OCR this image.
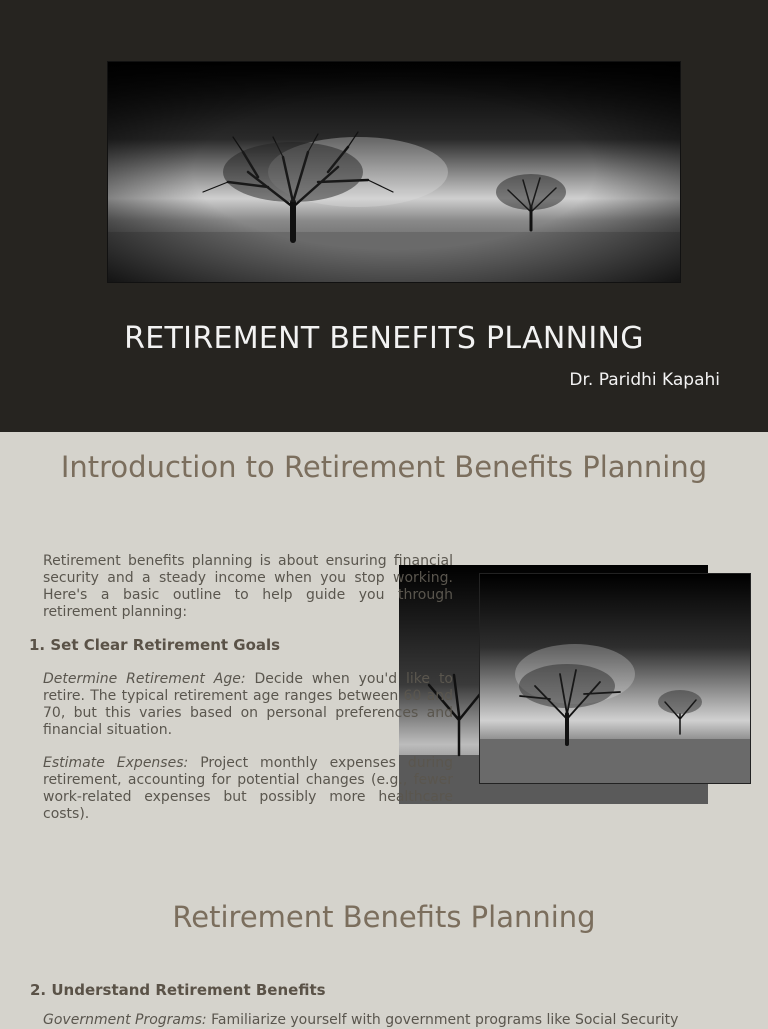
RETIREMENT BENEFITS PLANNING

Dr. Paridhi Kapahi

Introduction to Retirement Benefits Planning

Retirement benefits planning is about ensuring financial security and a steady income when you stop working. Here's a basic outline to help guide you through retirement planning:

1. Set Clear Retirement Goals

Determine Retirement Age: Decide when you'd like to retire. The typical retirement age ranges between 60 and 70, but this varies based on personal preferences and financial situation.

Estimate Expenses: Project monthly expenses during retirement, accounting for potential changes (e.g., fewer work-related expenses but possibly more healthcare costs).

Retirement Benefits Planning

2. Understand Retirement Benefits

Government Programs: Familiarize yourself with government programs like Social Security
